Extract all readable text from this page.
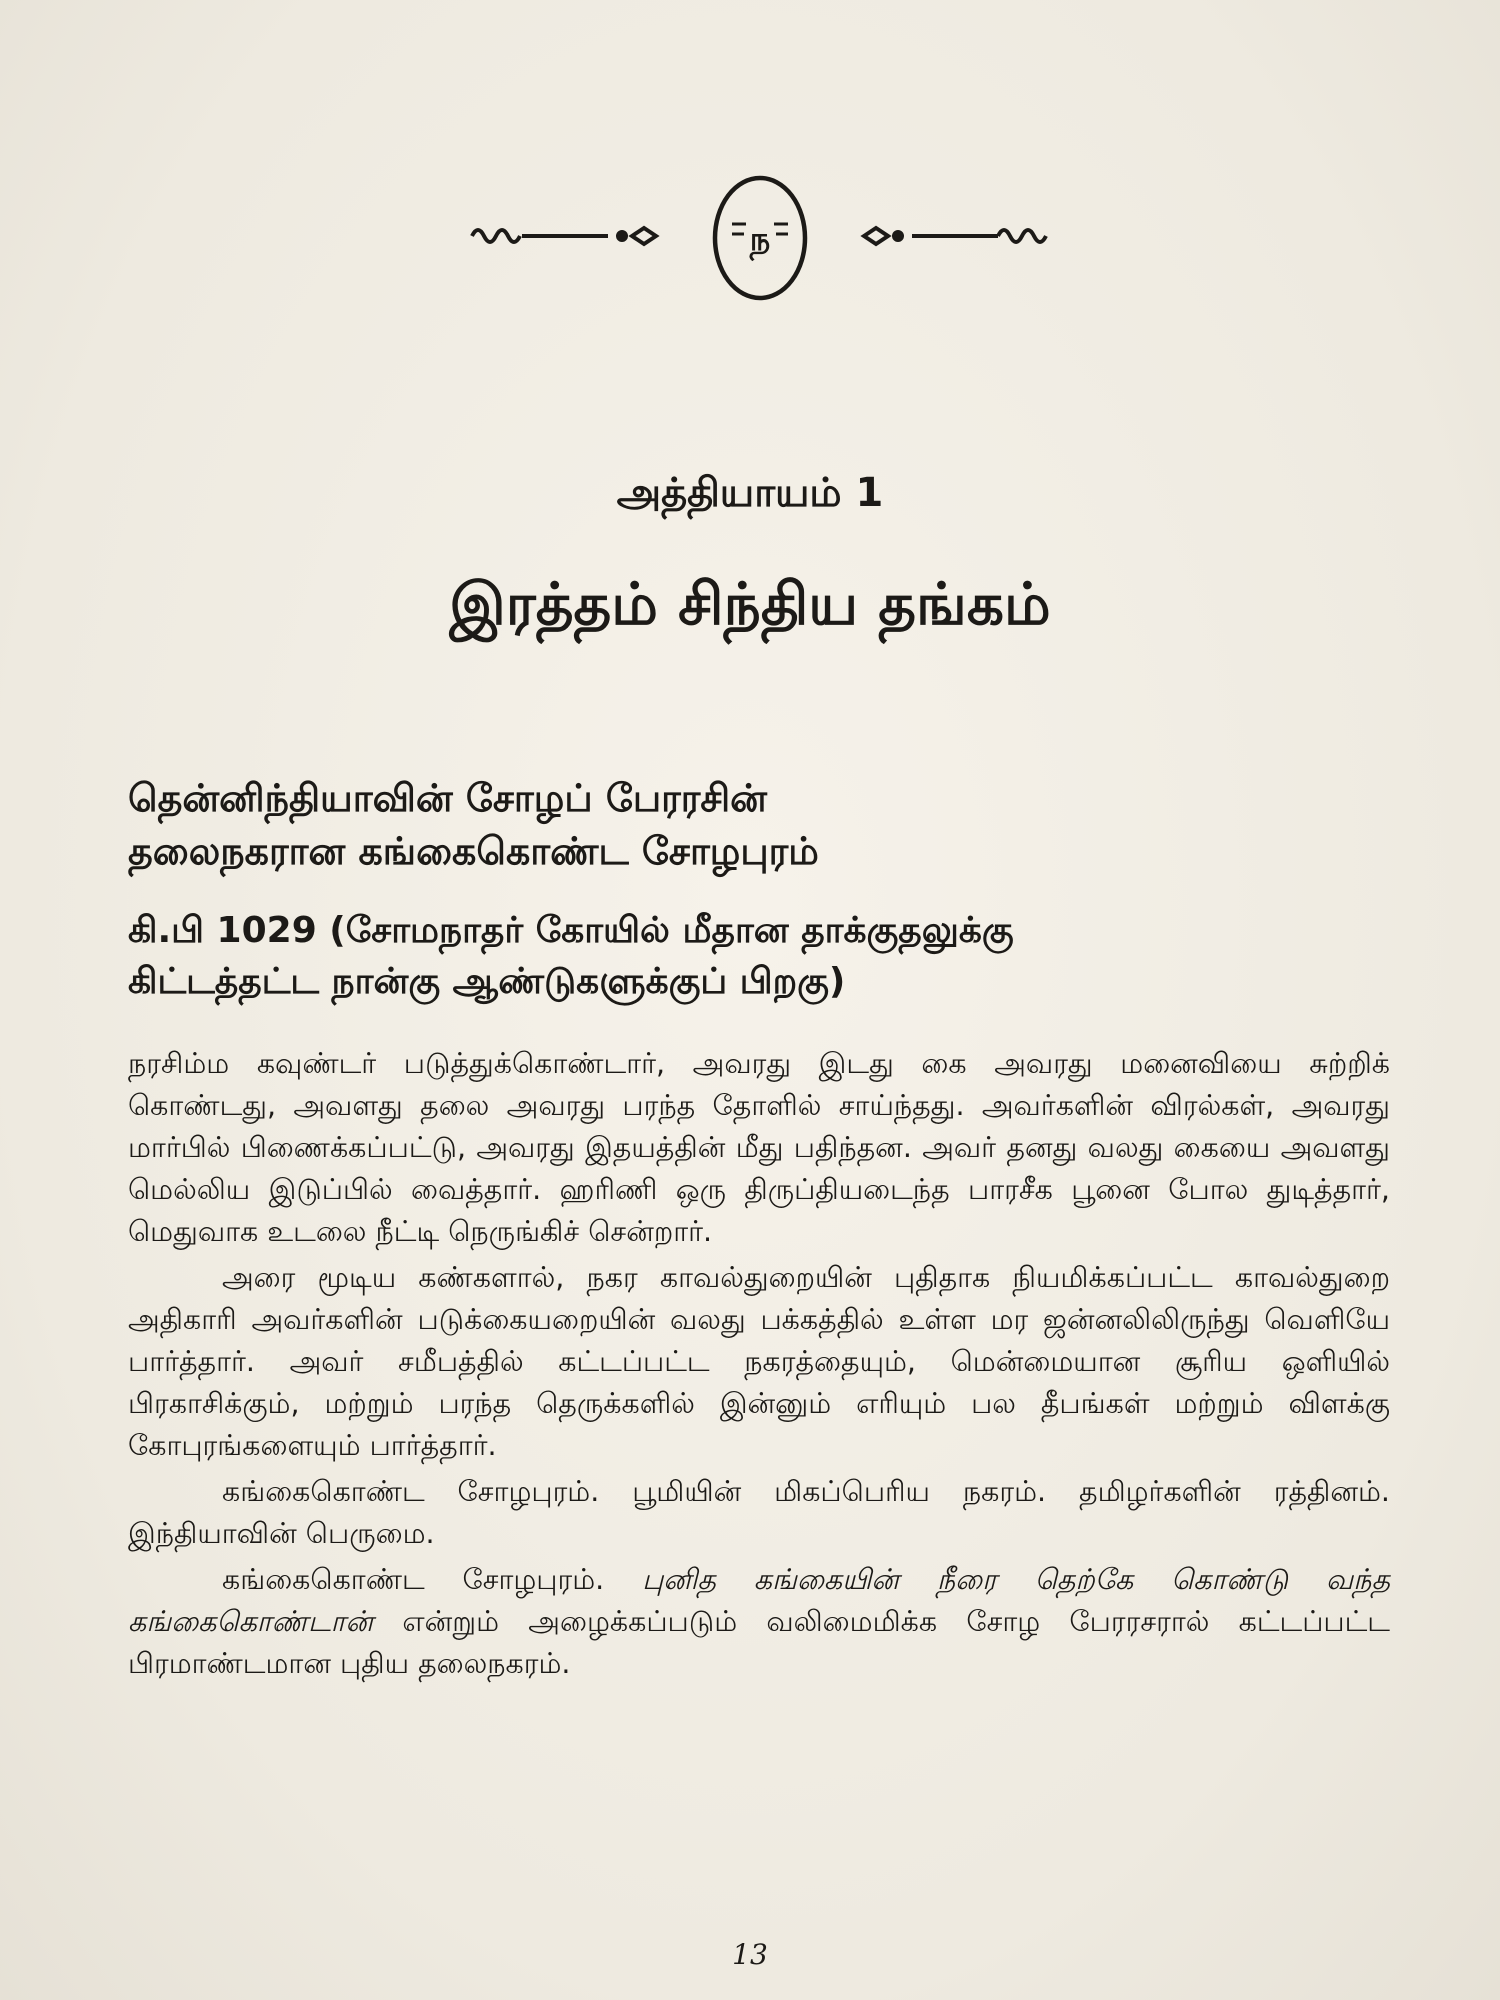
ந
அத்தியாயம் 1
இரத்தம் சிந்திய தங்கம்
தென்னிந்தியாவின் சோழப் பேரரசின்
தலைநகரான கங்கைகொண்ட சோழபுரம்
கி.பி 1029 (சோமநாதர் கோயில் மீதான தாக்குதலுக்கு
கிட்டத்தட்ட நான்கு ஆண்டுகளுக்குப் பிறகு)

நரசிம்ம கவுண்டர் படுத்துக்கொண்டார், அவரது இடது கை அவரது மனைவியை சுற்றிக் கொண்டது, அவளது தலை அவரது பரந்த தோளில் சாய்ந்தது. அவர்களின் விரல்கள், அவரது மார்பில் பிணைக்கப்பட்டு, அவரது இதயத்தின் மீது பதிந்தன. அவர் தனது வலது கையை அவளது மெல்லிய இடுப்பில் வைத்தார். ஹரிணி ஒரு திருப்தியடைந்த பாரசீக பூனை போல துடித்தார், மெதுவாக உடலை நீட்டி நெருங்கிச் சென்றார்.

அரை மூடிய கண்களால், நகர காவல்துறையின் புதிதாக நியமிக்கப்பட்ட காவல்துறை அதிகாரி அவர்களின் படுக்கையறையின் வலது பக்கத்தில் உள்ள மர ஜன்னலிலிருந்து வெளியே பார்த்தார். அவர் சமீபத்தில் கட்டப்பட்ட நகரத்தையும், மென்மையான சூரிய ஒளியில் பிரகாசிக்கும், மற்றும் பரந்த தெருக்களில் இன்னும் எரியும் பல தீபங்கள் மற்றும் விளக்கு கோபுரங்களையும் பார்த்தார்.

கங்கைகொண்ட சோழபுரம். பூமியின் மிகப்பெரிய நகரம். தமிழர்களின் ரத்தினம். இந்தியாவின் பெருமை.

கங்கைகொண்ட சோழபுரம். புனித கங்கையின் நீரை தெற்கே கொண்டு வந்த கங்கைகொண்டான் என்றும் அழைக்கப்படும் வலிமைமிக்க சோழ பேரரசரால் கட்டப்பட்ட பிரமாண்டமான புதிய தலைநகரம்.

13
